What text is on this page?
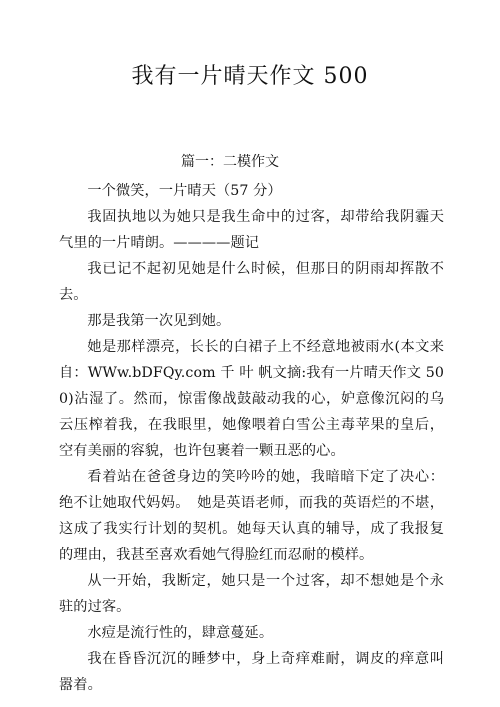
我有一片晴天作文 500
篇一：二模作文

一个微笑，一片晴天（57 分）

我固执地以为她只是我生命中的过客，却带给我阴霾天气里的一片晴朗。————题记

我已记不起初见她是什么时候，但那日的阴雨却挥散不去。

那是我第一次见到她。

她是那样漂亮，长长的白裙子上不经意地被雨水(本文来自：WWw.bDFQy.com 千 叶 帆文摘:我有一片晴天作文 500)沾湿了。然而，惊雷像战鼓敲动我的心，妒意像沉闷的乌云压榨着我，在我眼里，她像喂着白雪公主毒苹果的皇后，空有美丽的容貌，也许包裹着一颗丑恶的心。

看着站在爸爸身边的笑吟吟的她，我暗暗下定了决心：绝不让她取代妈妈。　她是英语老师，而我的英语烂的不堪，这成了我实行计划的契机。她每天认真的辅导，成了我报复的理由，我甚至喜欢看她气得脸红而忍耐的模样。

从一开始，我断定，她只是一个过客，却不想她是个永驻的过客。

水痘是流行性的，肆意蔓延。

我在昏昏沉沉的睡梦中，身上奇痒难耐，调皮的痒意叫嚣着。
